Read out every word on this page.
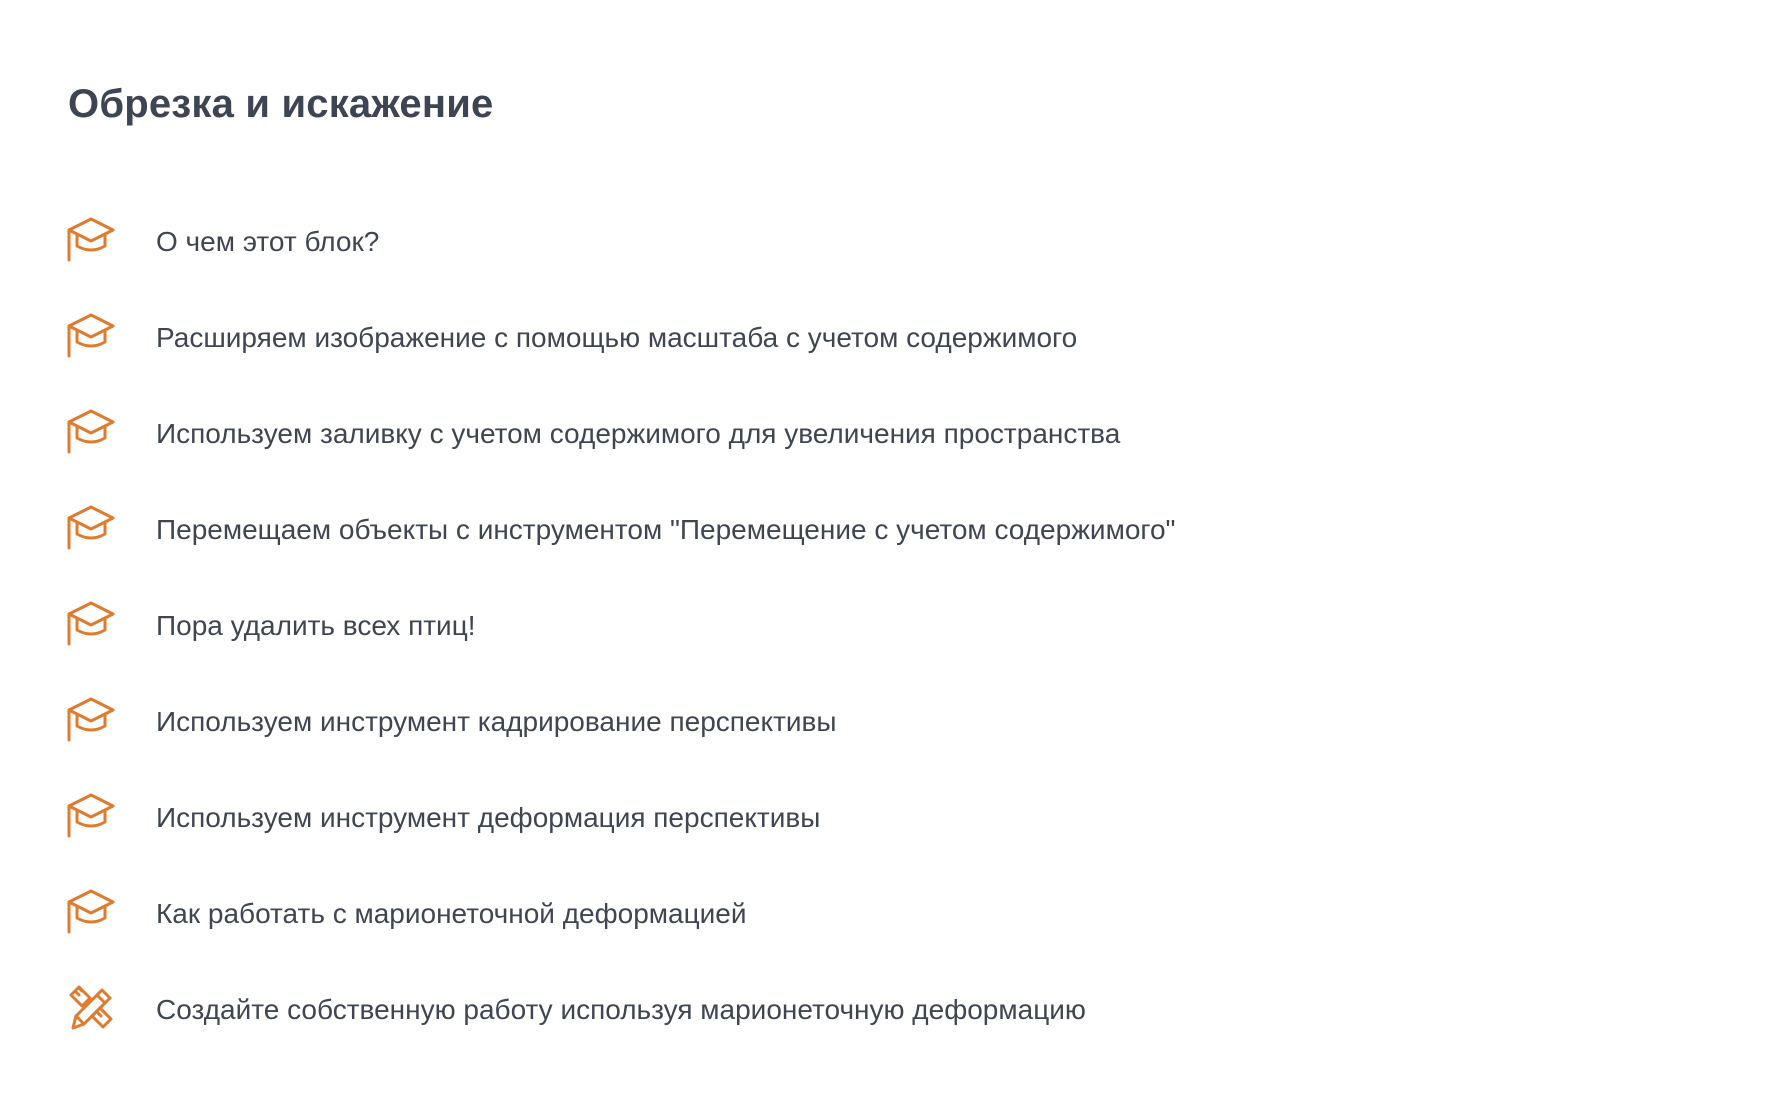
Обрезка и искажение
О чем этот блок?
Расширяем изображение с помощью масштаба с учетом содержимого
Используем заливку с учетом содержимого для увеличения пространства
Перемещаем объекты с инструментом "Перемещение с учетом содержимого"
Пора удалить всех птиц!
Используем инструмент кадрирование перспективы
Используем инструмент деформация перспективы
Как работать с марионеточной деформацией
Создайте собственную работу используя марионеточную деформацию
